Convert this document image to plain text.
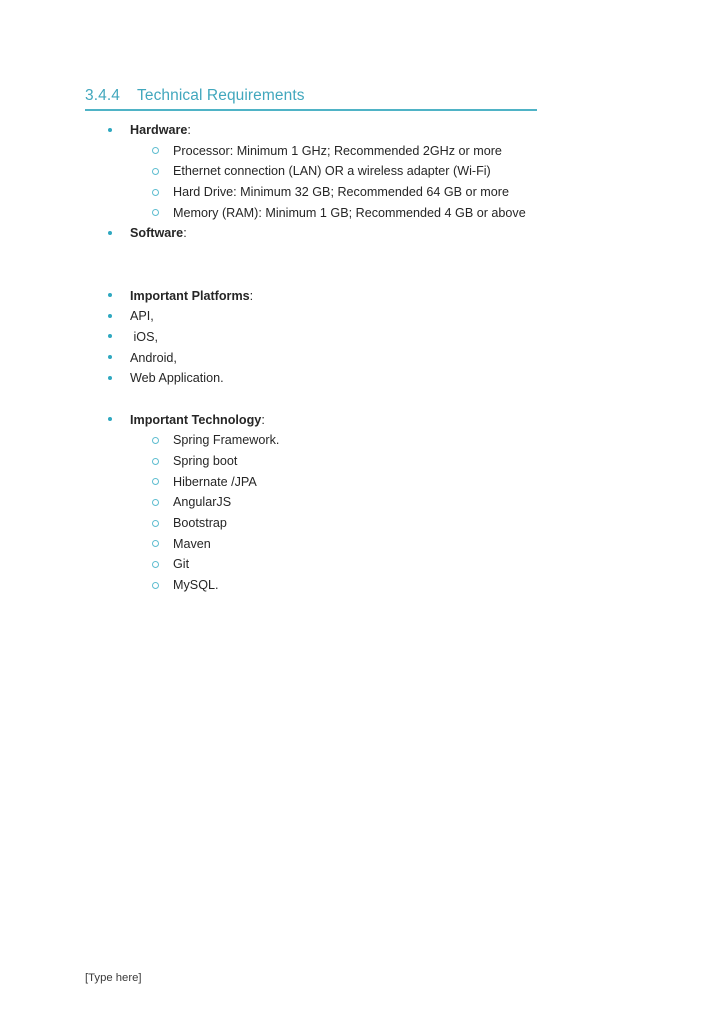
3.4.4	Technical Requirements
Hardware:
Processor: Minimum 1 GHz; Recommended 2GHz or more
Ethernet connection (LAN) OR a wireless adapter (Wi-Fi)
Hard Drive: Minimum 32 GB; Recommended 64 GB or more
Memory (RAM): Minimum 1 GB; Recommended 4 GB or above
Software:

Important Platforms:
API,
iOS,
Android,
Web Application.

Important Technology:
Spring Framework.
Spring boot
Hibernate /JPA
AngularJS
Bootstrap
Maven
Git
MySQL.
[Type here]
